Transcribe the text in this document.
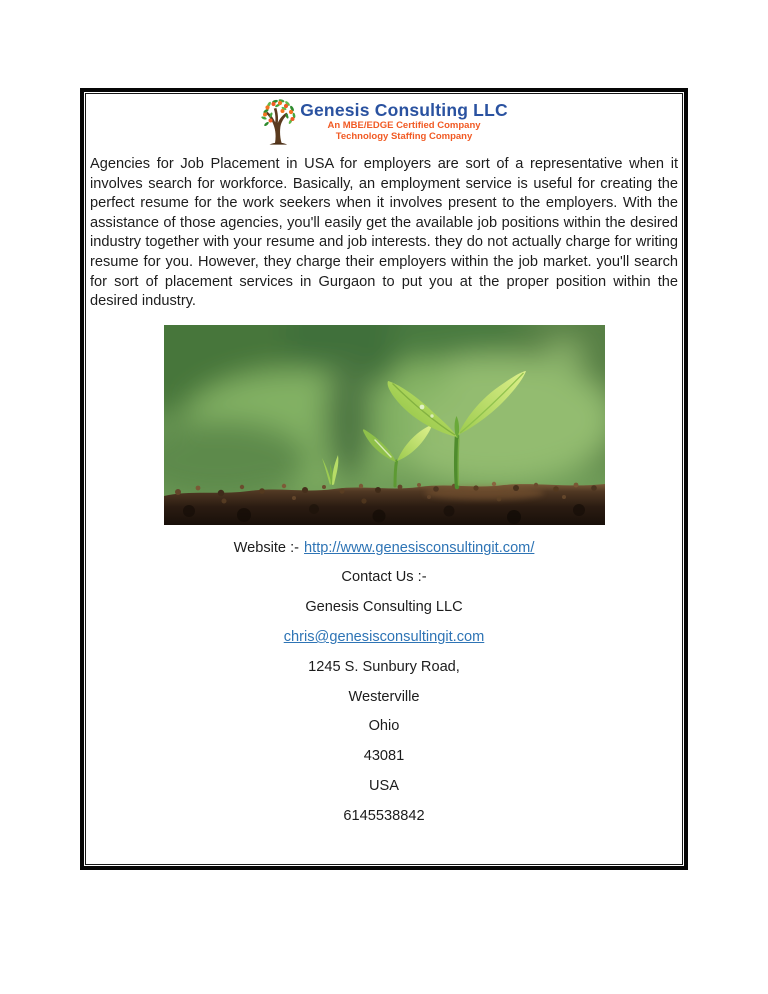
Genesis Consulting LLC
An MBE/EDGE Certified Company
Technology Staffing Company

Agencies for Job Placement in USA for employers are sort of a representative when it involves search for workforce. Basically, an employment service is useful for creating the perfect resume for the work seekers when it involves present to the employers. With the assistance of those agencies, you'll easily get the available job positions within the desired industry together with your resume and job interests. they do not actually charge for writing resume for you. However, they charge their employers within the job market. you'll search for sort of placement services in Gurgaon to put you at the proper position within the desired industry.

Website :- http://www.genesisconsultingit.com/
Contact Us :-
Genesis Consulting LLC
chris@genesisconsultingit.com
1245 S. Sunbury Road,
Westerville
Ohio
43081
USA
6145538842
